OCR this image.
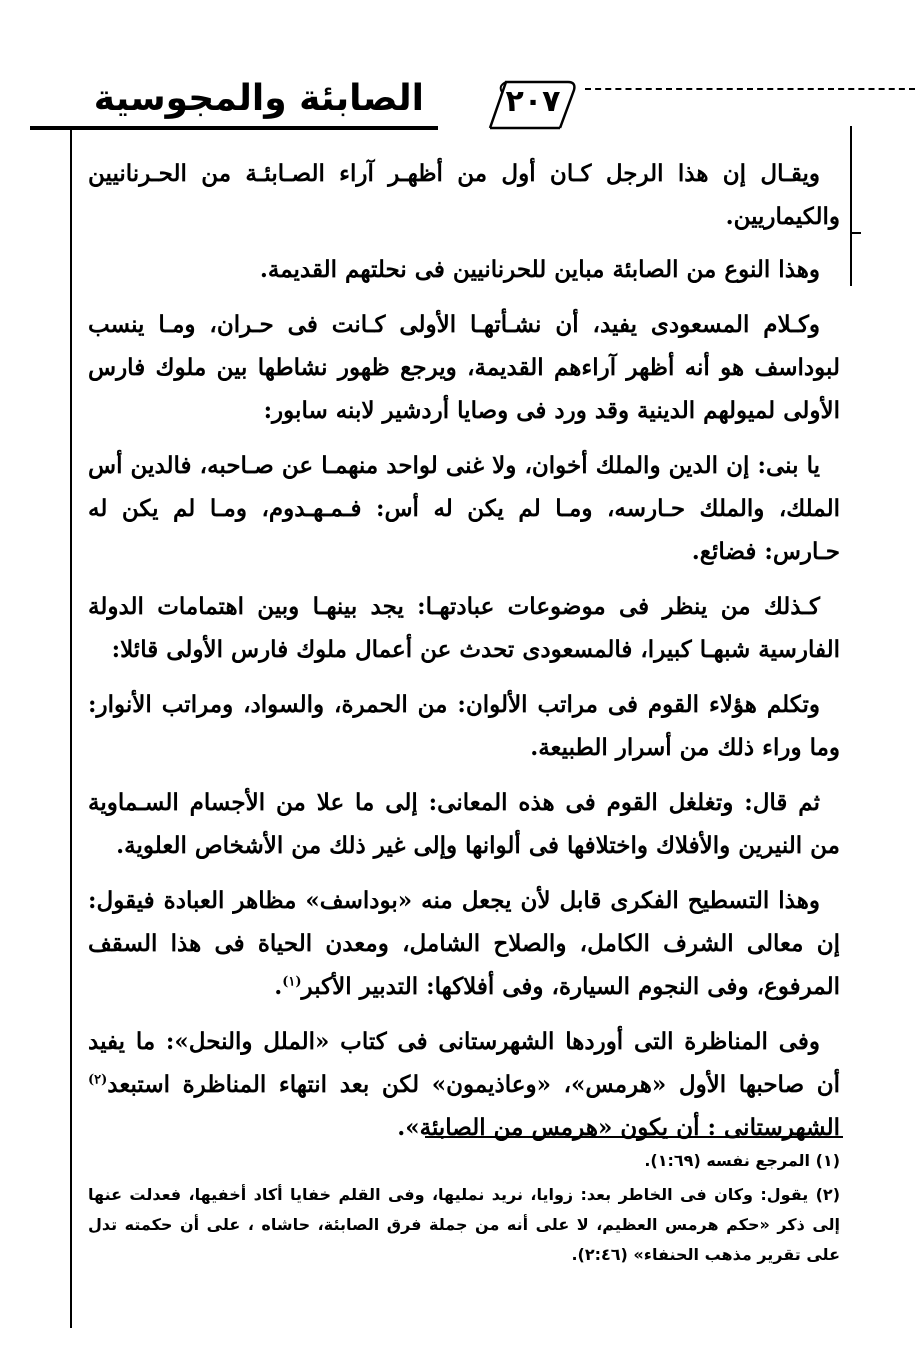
٢٠٧
الصابئة والمجوسية

ويقـال إن هذا الرجل كـان أول من أظهـر آراء الصـابئـة من الحـرنانيين والكيماريين.

وهذا النوع من الصابئة مباين للحرنانيين فى نحلتهم القديمة.

وكـلام المسعودى يفيد، أن نشـأتهـا الأولى كـانت فى حـران، ومـا ينسب لبوداسف هو أنه أظهر آراءهم القديمة، ويرجع ظهور نشاطها بين ملوك فارس الأولى لميولهم الدينية وقد ورد فى وصايا أردشير لابنه سابور:

يا بنى: إن الدين والملك أخوان، ولا غنى لواحد منهمـا عن صـاحبه، فالدين أس الملك، والملك حـارسه، ومـا لم يكن له أس: فـمـهـدوم، ومـا لم يكن له حـارس: فضائع.

كـذلك من ينظر فى موضوعات عبادتهـا: يجد بينهـا وبين اهتمامات الدولة الفارسية شبهـا كبيرا، فالمسعودى تحدث عن أعمال ملوك فارس الأولى قائلا:

وتكلم هؤلاء القوم فى مراتب الألوان: من الحمرة، والسواد، ومراتب الأنوار: وما وراء ذلك من أسرار الطبيعة.

ثم قال: وتغلغل القوم فى هذه المعانى: إلى ما علا من الأجسام السـماوية من النيرين والأفلاك واختلافها فى ألوانها وإلى غير ذلك من الأشخاص العلوية.

وهذا التسطيح الفكرى قابل لأن يجعل منه «بوداسف» مظاهر العبادة فيقول: إن معالى الشرف الكامل، والصلاح الشامل، ومعدن الحياة فى هذا السقف المرفوع، وفى النجوم السيارة، وفى أفلاكها: التدبير الأكبر$^{(١)}$.

وفى المناظرة التى أوردها الشهرستانى فى كتاب «الملل والنحل»: ما يفيد أن صاحبها الأول «هرمس»، «وعاذيمون» لكن بعد انتهاء المناظرة استبعد$^{(٢)}$ الشهرستانى : أن يكون «هرمس من الصابئة».

(١) المرجع نفسه (١:٦٩).

(٢) يقول: وكان فى الخاطر بعد: زوايا، نريد نمليها، وفى القلم خفايا أكاد أخفيها، فعدلت عنها إلى ذكر «حكم هرمس العظيم، لا على أنه من جملة فرق الصابئة، حاشاه ، على أن حكمته تدل على تقرير مذهب الحنفاء» (٢:٤٦).
